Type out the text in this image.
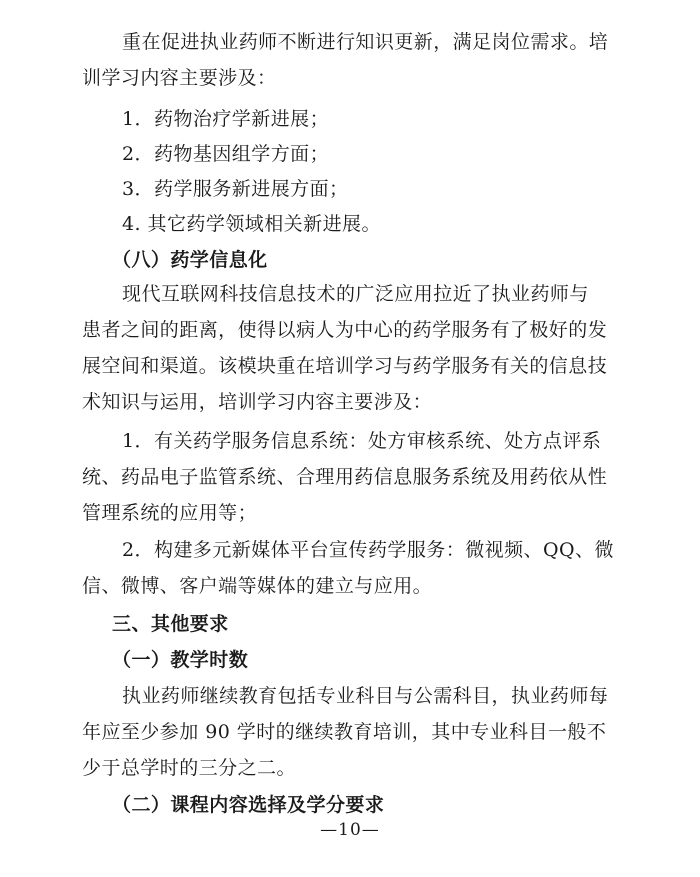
重在促进执业药师不断进行知识更新，满足岗位需求。培
训学习内容主要涉及：

1．药物治疗学新进展；

2．药物基因组学方面；

3．药学服务新进展方面；

4. 其它药学领域相关新进展。

（八）药学信息化

现代互联网科技信息技术的广泛应用拉近了执业药师与
患者之间的距离，使得以病人为中心的药学服务有了极好的发
展空间和渠道。该模块重在培训学习与药学服务有关的信息技
术知识与运用，培训学习内容主要涉及：

1．有关药学服务信息系统：处方审核系统、处方点评系
统、药品电子监管系统、合理用药信息服务系统及用药依从性
管理系统的应用等；

2．构建多元新媒体平台宣传药学服务：微视频、QQ、微
信、微博、客户端等媒体的建立与应用。

三、其他要求

（一）教学时数

执业药师继续教育包括专业科目与公需科目，执业药师每
年应至少参加 90 学时的继续教育培训，其中专业科目一般不
少于总学时的三分之二。

（二）课程内容选择及学分要求

—10—
